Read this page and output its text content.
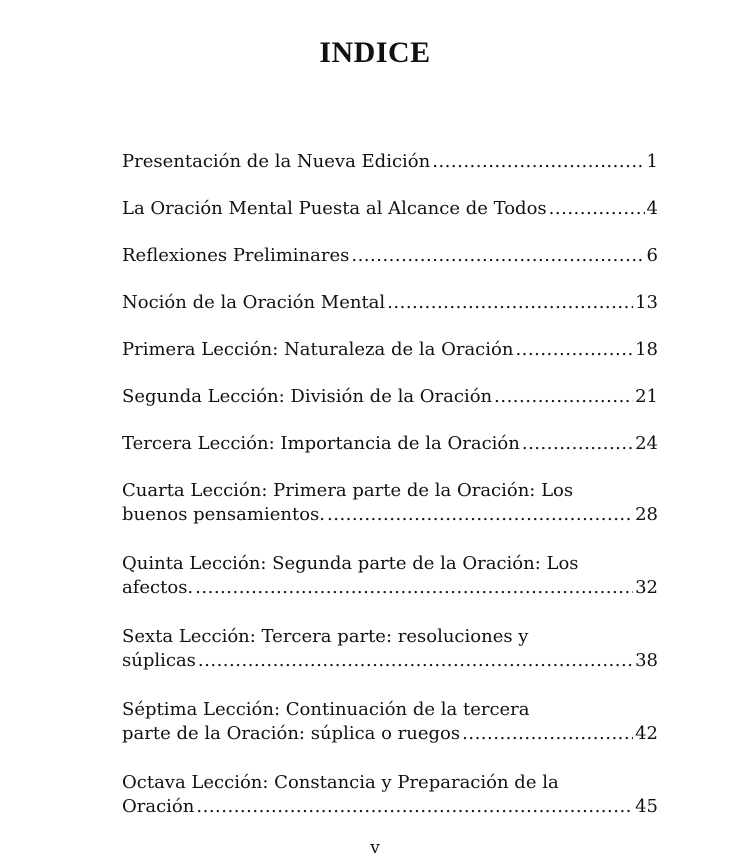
INDICE
Presentación de la Nueva Edición .....	1
La Oración Mental Puesta al Alcance de Todos .....	4
Reflexiones Preliminares .....	6
Noción de la Oración Mental .....	13
Primera Lección: Naturaleza de la Oración .....	18
Segunda Lección: División de la Oración .....	21
Tercera Lección: Importancia de la Oración .....	24
Cuarta Lección: Primera parte de la Oración: Los
buenos pensamientos. .....	28
Quinta Lección: Segunda parte de la Oración: Los
afectos. .....	32
Sexta Lección: Tercera parte: resoluciones y
súplicas .....	38
Séptima Lección: Continuación de la tercera
parte de la Oración: súplica o ruegos .....	42
Octava Lección: Constancia y Preparación de la
Oración .....	45
v
